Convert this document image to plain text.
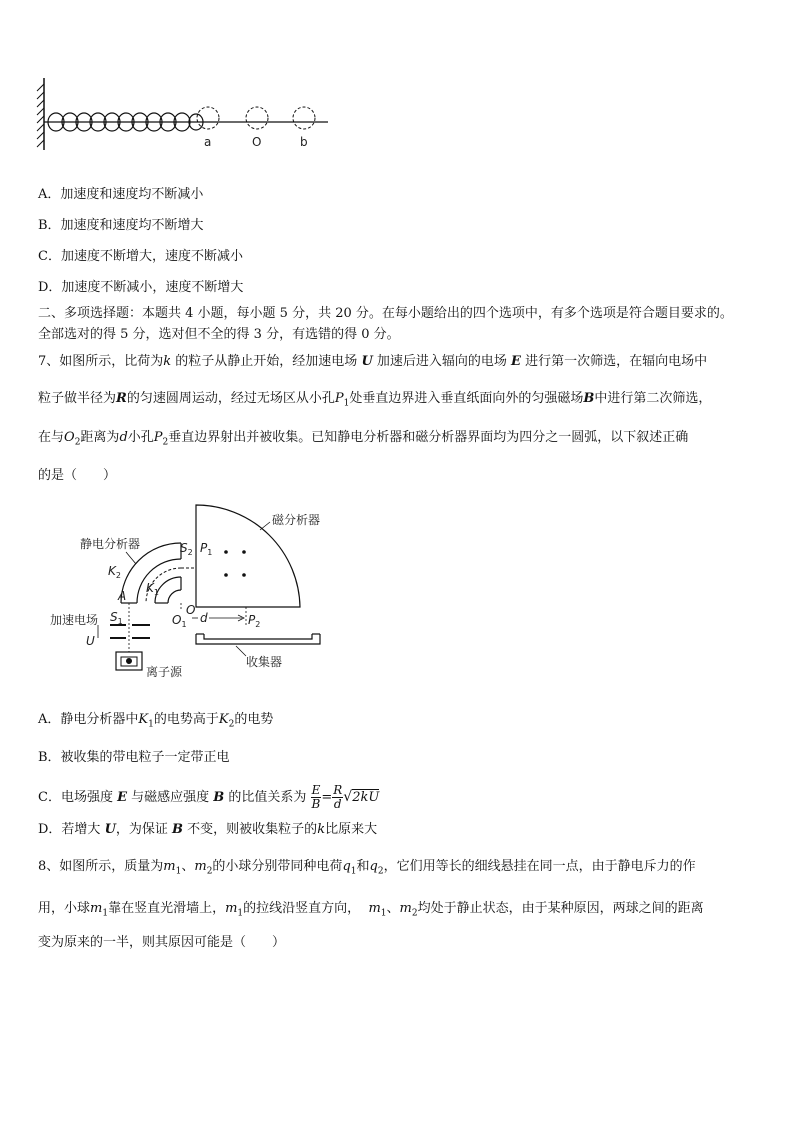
a	O	b
A．加速度和速度均不断减小
B．加速度和速度均不断增大
C．加速度不断增大，速度不断减小
D．加速度不断减小，速度不断增大
二、多项选择题：本题共 4 小题，每小题 5 分，共 20 分。在每小题给出的四个选项中，有多个选项是符合题目要求的。
全部选对的得 5 分，选对但不全的得 3 分，有选错的得 0 分。
7、如图所示，比荷为k 的粒子从静止开始，经加速电场 U 加速后进入辐向的电场 E 进行第一次筛选，在辐向电场中
粒子做半径为R的匀速圆周运动，经过无场区从小孔$P_1$处垂直边界进入垂直纸面向外的匀强磁场B中进行第二次筛选，
在与$O_2$距离为d小孔$P_2$垂直边界射出并被收集。已知静电分析器和磁分析器界面均为四分之一圆弧，以下叙述正确
的是（　　）
磁分析器
$P_1$
O
d	$P_2$
静电分析器	$S_2$
$K_2$
$K_1$
A
$O_1$
加速电场 $S_1$
U
离子源
收集器
A．静电分析器中$K_1$的电势高于$K_2$的电势
B．被收集的带电粒子一定带正电
C．电场强度 E 与磁感应强度 B 的比值关系为 $\frac{E}{B} = \frac{R}{d} √2kU$
D．若增大 U，为保证 B 不变，则被收集粒子的k比原来大
8、如图所示，质量为$m_1$、$m_2$的小球分别带同种电荷$q_1$和$q_2$，它们用等长的细线悬挂在同一点，由于静电斥力的作
用，小球$m_1$靠在竖直光滑墙上，$m_1$的拉线沿竖直方向， $m_1$、$m_2$均处于静止状态，由于某种原因，两球之间的距离
变为原来的一半，则其原因可能是（　　）
